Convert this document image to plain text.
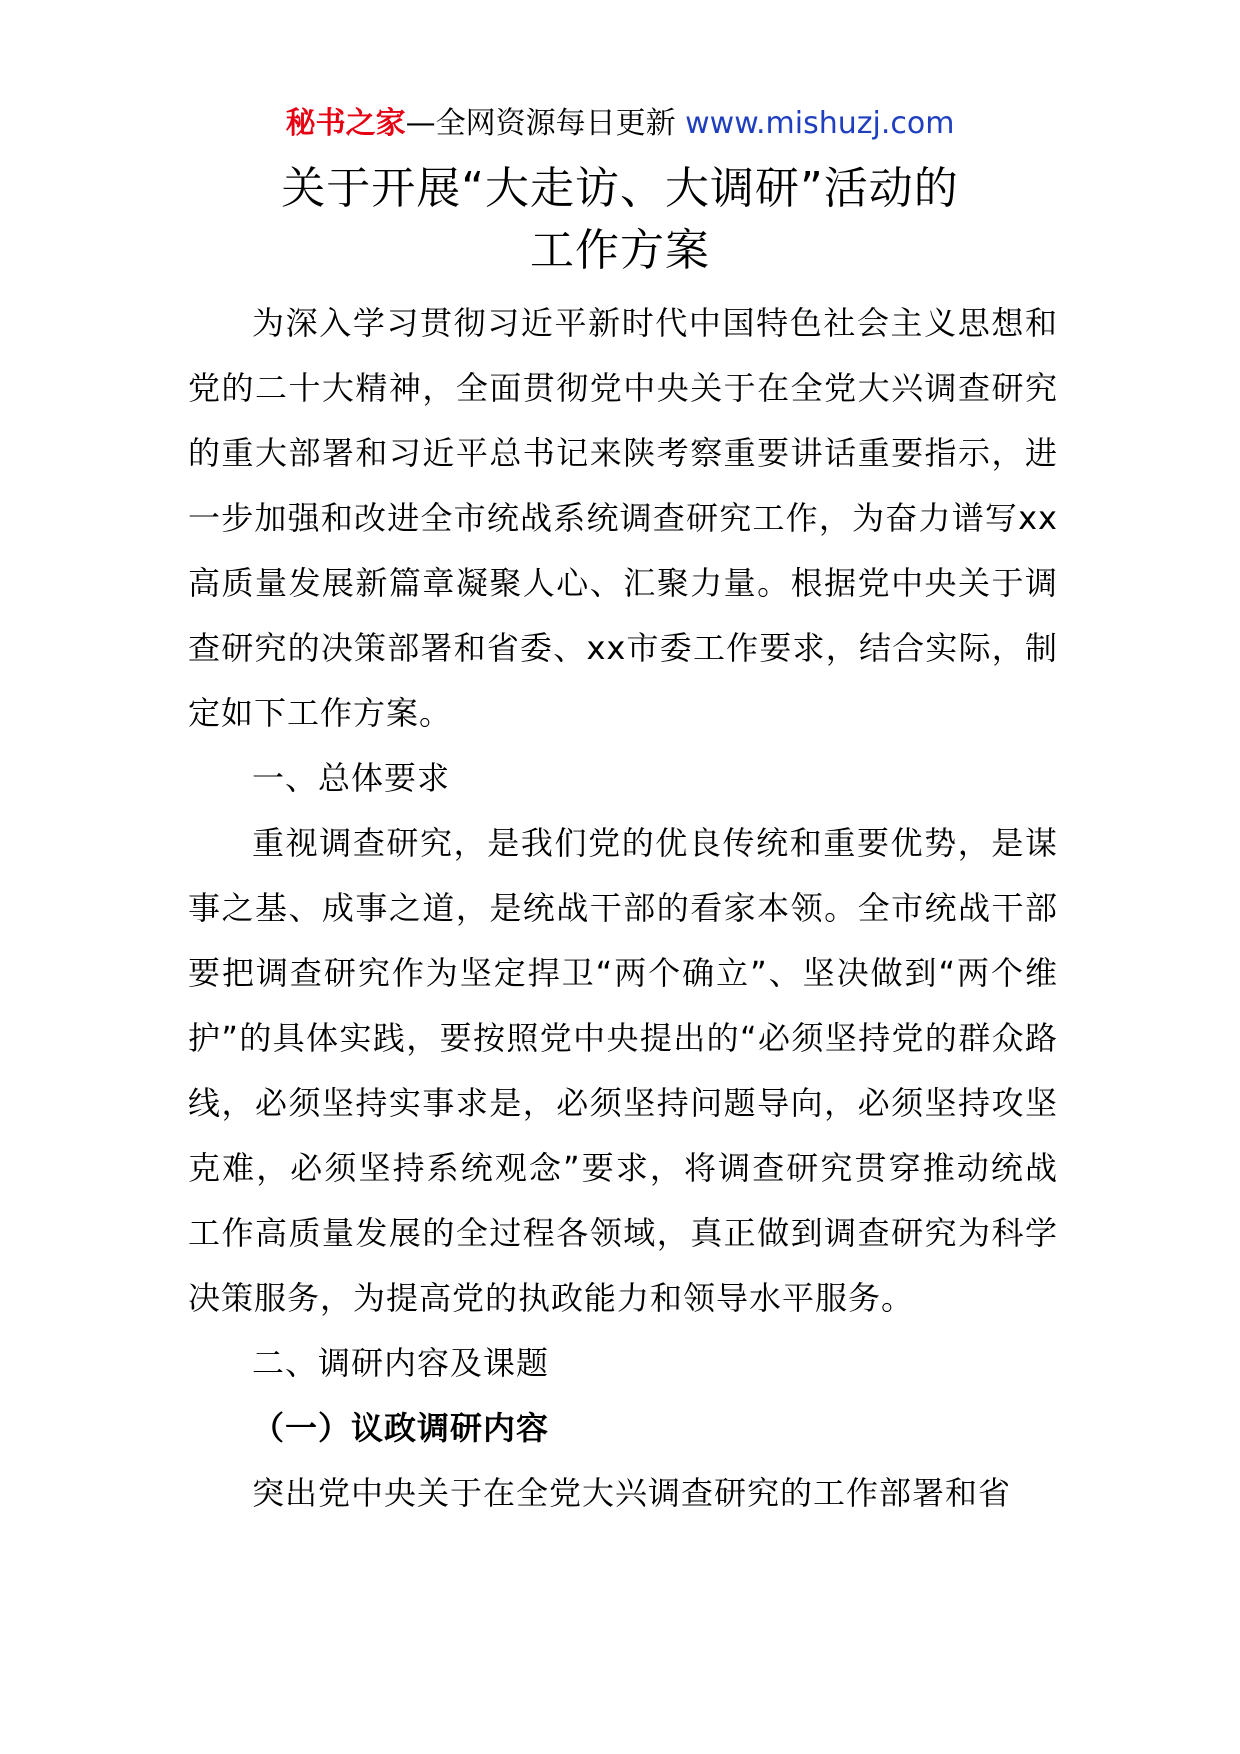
秘书之家—全网资源每日更新 www.mishuzj.com
关于开展“大走访、大调研”活动的
工作方案

为深入学习贯彻习近平新时代中国特色社会主义思想和党的二十大精神，全面贯彻党中央关于在全党大兴调查研究的重大部署和习近平总书记来陕考察重要讲话重要指示，进一步加强和改进全市统战系统调查研究工作，为奋力谱写xx高质量发展新篇章凝聚人心、汇聚力量。根据党中央关于调查研究的决策部署和省委、xx市委工作要求，结合实际，制定如下工作方案。

一、总体要求

重视调查研究，是我们党的优良传统和重要优势，是谋事之基、成事之道，是统战干部的看家本领。全市统战干部要把调查研究作为坚定捍卫“两个确立”、坚决做到“两个维护”的具体实践，要按照党中央提出的“必须坚持党的群众路线，必须坚持实事求是，必须坚持问题导向，必须坚持攻坚克难，必须坚持系统观念”要求，将调查研究贯穿推动统战工作高质量发展的全过程各领域，真正做到调查研究为科学决策服务，为提高党的执政能力和领导水平服务。

二、调研内容及课题

（一）议政调研内容

突出党中央关于在全党大兴调查研究的工作部署和省
